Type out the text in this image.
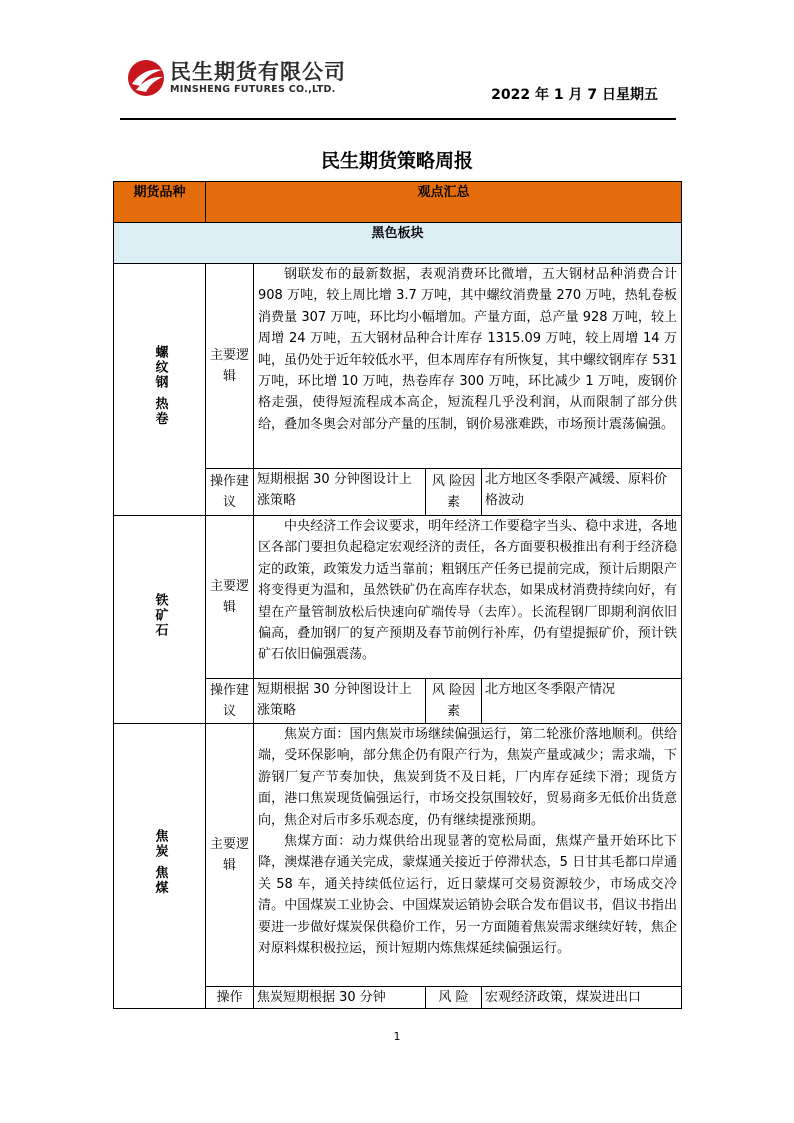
民生期货有限公司
MINSHENG FUTURES CO.,LTD.	2022 年 1 月 7 日星期五
民生期货策略周报
期货品种	观点汇总			
黑色板块				
螺纹钢 热卷	主要逻辑	钢联发布的最新数据，表观消费环比微增，五大钢材品种消费合计 908 万吨，较上周比增 3.7 万吨，其中螺纹消费量 270 万吨，热轧卷板消费量 307 万吨，环比均小幅增加。产量方面，总产量 928 万吨，较上周增 24 万吨，五大钢材品种合计库存 1315.09 万吨，较上周增 14 万吨，虽仍处于近年较低水平，但本周库存有所恢复，其中螺纹钢库存 531 万吨，环比增 10 万吨，热卷库存 300 万吨，环比减少 1 万吨，废钢价格走强，使得短流程成本高企，短流程几乎没利润，从而限制了部分供给，叠加冬奥会对部分产量的压制，钢价易涨难跌，市场预计震荡偏强。		

	操作建议	短期根据 30 分钟图设计上涨策略	风 险因素	北方地区冬季限产减缓、原料价格波动
铁矿石	主要逻辑	中央经济工作会议要求，明年经济工作要稳字当头、稳中求进，各地区各部门要担负起稳定宏观经济的责任，各方面要积极推出有利于经济稳定的政策，政策发力适当靠前；粗钢压产任务已提前完成，预计后期限产将变得更为温和，虽然铁矿仍在高库存状态，如果成材消费持续向好，有望在产量管制放松后快速向矿端传导（去库）。长流程钢厂即期利润依旧偏高，叠加钢厂的复产预期及春节前例行补库，仍有望提振矿价，预计铁矿石依旧偏强震荡。		

	操作建议	短期根据 30 分钟图设计上涨策略	风 险因素	北方地区冬季限产情况
焦炭 焦煤	主要逻辑	焦炭方面：国内焦炭市场继续偏强运行，第二轮涨价落地顺利。供给端，受环保影响，部分焦企仍有限产行为，焦炭产量或减少；需求端，下游钢厂复产节奏加快，焦炭到货不及日耗，厂内库存延续下滑；现货方面，港口焦炭现货偏强运行，市场交投氛围较好，贸易商多无低价出货意向，焦企对后市多乐观态度，仍有继续提涨预期。

焦煤方面：动力煤供给出现显著的宽松局面，焦煤产量开始环比下降，澳煤港存通关完成，蒙煤通关接近于停滞状态，5 日甘其毛都口岸通关 58 车，通关持续低位运行，近日蒙煤可交易资源较少，市场成交冷清。中国煤炭工业协会、中国煤炭运销协会联合发布倡议书，倡议书指出要进一步做好煤炭保供稳价工作，另一方面随着焦炭需求继续好转，焦企对原料煤积极拉运，预计短期内炼焦煤延续偏强运行。		

	操作	焦炭短期根据 30 分钟	风 险	宏观经济政策，煤炭进出口
1
